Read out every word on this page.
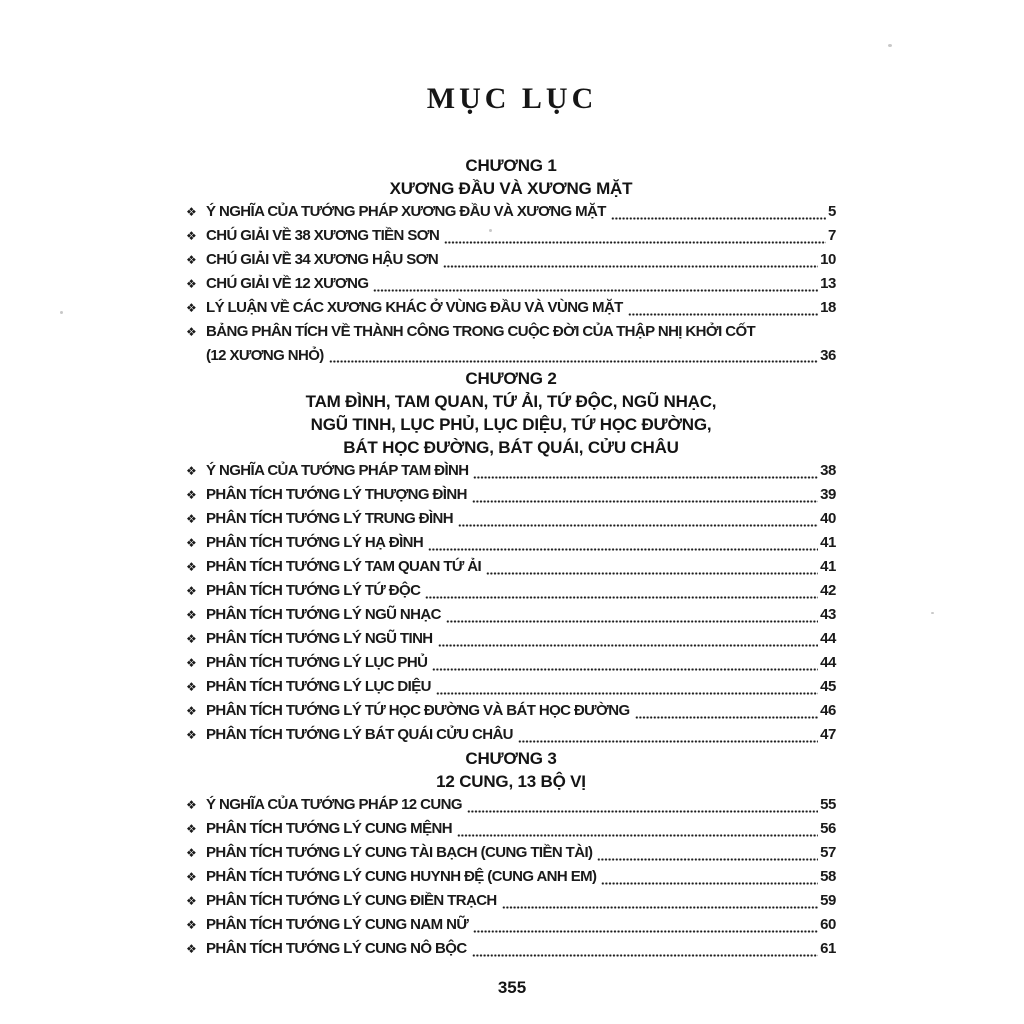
MỤC LỤC
CHƯƠNG 1
XƯƠNG ĐẦU VÀ XƯƠNG MẶT
❖ Ý NGHĨA CỦA TƯỚNG PHÁP XƯƠNG ĐẦU VÀ XƯƠNG MẶT	5
❖ CHÚ GIẢI VỀ 38 XƯƠNG TIỀN SƠN	7
❖ CHÚ GIẢI VỀ 34 XƯƠNG HẬU SƠN	10
❖ CHÚ GIẢI VỀ 12 XƯƠNG	13
❖ LÝ LUẬN VỀ CÁC XƯƠNG KHÁC Ở VÙNG ĐẦU VÀ VÙNG MẶT	18
❖ BẢNG PHÂN TÍCH VỀ THÀNH CÔNG TRONG CUỘC ĐỜI CỦA THẬP NHỊ KHỞI CỐT
(12 XƯƠNG NHỎ)	36
CHƯƠNG 2
TAM ĐÌNH, TAM QUAN, TỨ ẢI, TỨ ĐỘC, NGŨ NHẠC,
NGŨ TINH, LỤC PHỦ, LỤC DIỆU, TỨ HỌC ĐƯỜNG,
BÁT HỌC ĐƯỜNG, BÁT QUÁI, CỬU CHÂU
❖ Ý NGHĨA CỦA TƯỚNG PHÁP TAM ĐÌNH	38
❖ PHÂN TÍCH TƯỚNG LÝ THƯỢNG ĐÌNH	39
❖ PHÂN TÍCH TƯỚNG LÝ TRUNG ĐÌNH	40
❖ PHÂN TÍCH TƯỚNG LÝ HẠ ĐÌNH	41
❖ PHÂN TÍCH TƯỚNG LÝ TAM QUAN TỨ ẢI	41
❖ PHÂN TÍCH TƯỚNG LÝ TỨ ĐỘC	42
❖ PHÂN TÍCH TƯỚNG LÝ NGŨ NHẠC	43
❖ PHÂN TÍCH TƯỚNG LÝ NGŨ TINH	44
❖ PHÂN TÍCH TƯỚNG LÝ LỤC PHỦ	44
❖ PHÂN TÍCH TƯỚNG LÝ LỤC DIỆU	45
❖ PHÂN TÍCH TƯỚNG LÝ TỨ HỌC ĐƯỜNG VÀ BÁT HỌC ĐƯỜNG	46
❖ PHÂN TÍCH TƯỚNG LÝ BÁT QUÁI CỬU CHÂU	47
CHƯƠNG 3
12 CUNG, 13 BỘ VỊ
❖ Ý NGHĨA CỦA TƯỚNG PHÁP 12 CUNG	55
❖ PHÂN TÍCH TƯỚNG LÝ CUNG MỆNH	56
❖ PHÂN TÍCH TƯỚNG LÝ CUNG TÀI BẠCH (CUNG TIỀN TÀI)	57
❖ PHÂN TÍCH TƯỚNG LÝ CUNG HUYNH ĐỆ (CUNG ANH EM)	58
❖ PHÂN TÍCH TƯỚNG LÝ CUNG ĐIỀN TRẠCH	59
❖ PHÂN TÍCH TƯỚNG LÝ CUNG NAM NỮ	60
❖ PHÂN TÍCH TƯỚNG LÝ CUNG NÔ BỘC	61
355
